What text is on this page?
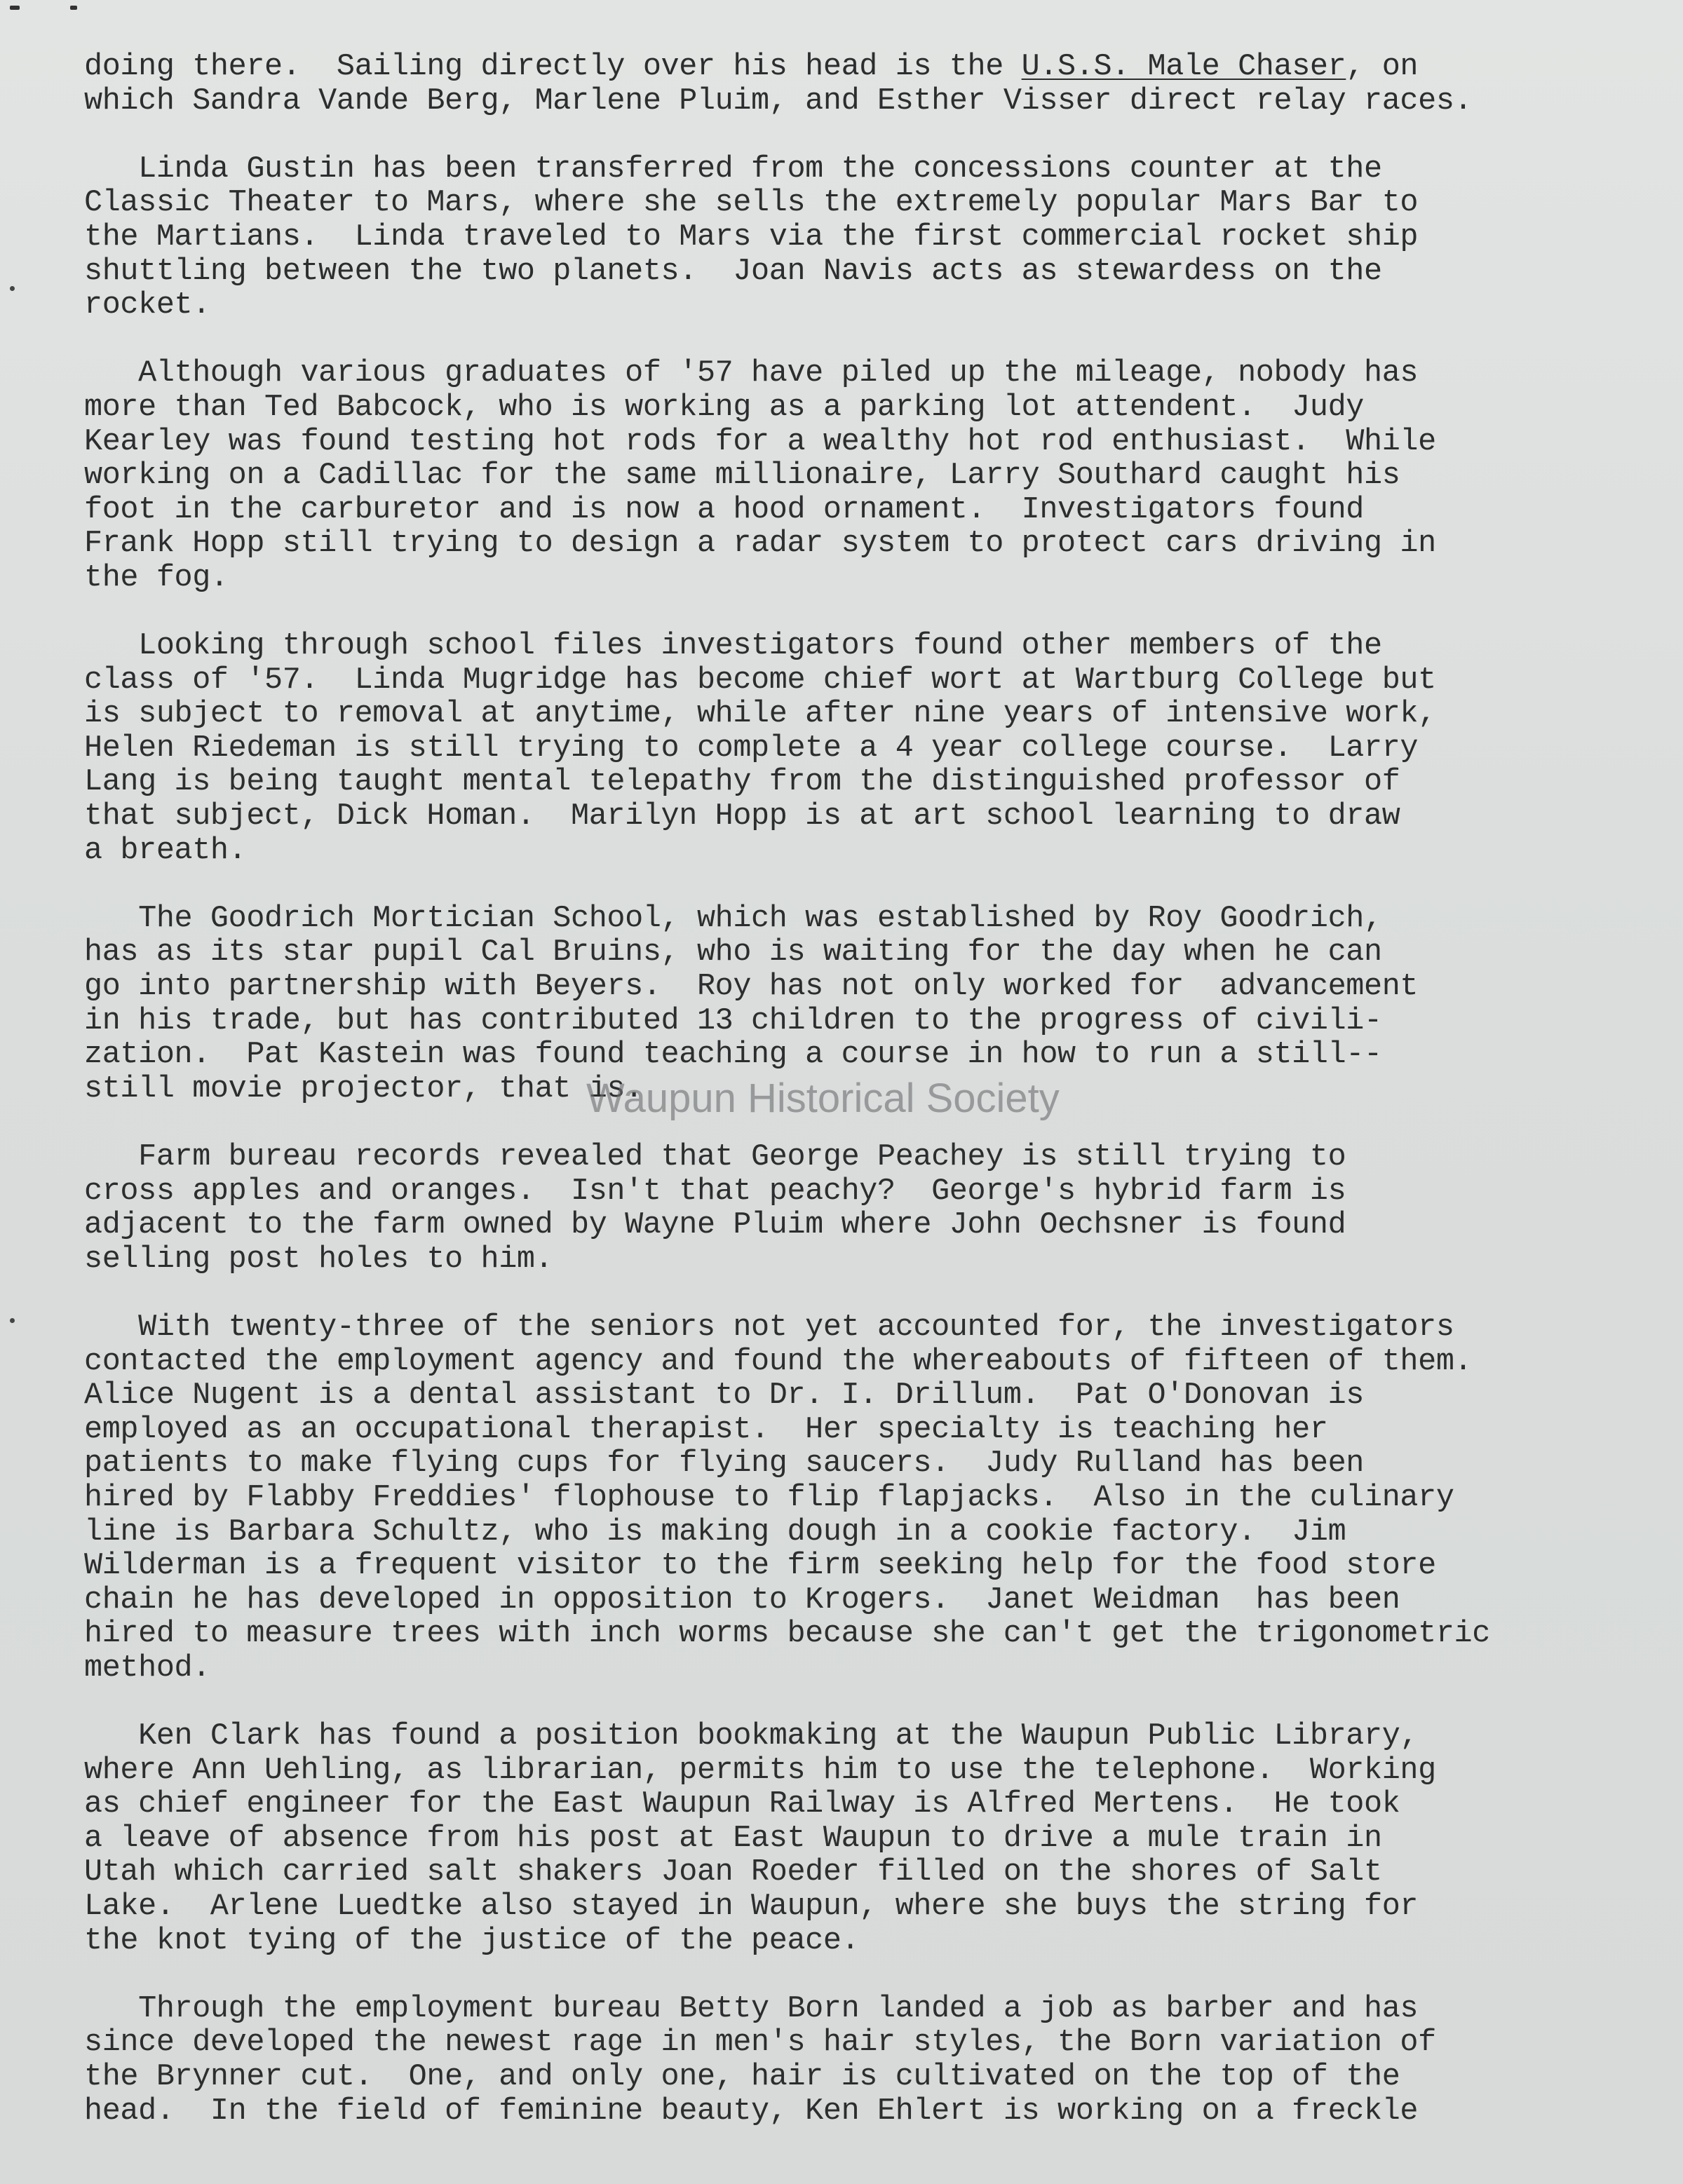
doing there.  Sailing directly over his head is the U.S.S. Male Chaser, on
which Sandra Vande Berg, Marlene Pluim, and Esther Visser direct relay races.
Linda Gustin has been transferred from the concessions counter at the
Classic Theater to Mars, where she sells the extremely popular Mars Bar to
the Martians.  Linda traveled to Mars via the first commercial rocket ship
shuttling between the two planets.  Joan Navis acts as stewardess on the
rocket.
Although various graduates of '57 have piled up the mileage, nobody has
more than Ted Babcock, who is working as a parking lot attendent.  Judy
Kearley was found testing hot rods for a wealthy hot rod enthusiast.  While
working on a Cadillac for the same millionaire, Larry Southard caught his
foot in the carburetor and is now a hood ornament.  Investigators found
Frank Hopp still trying to design a radar system to protect cars driving in
the fog.
Looking through school files investigators found other members of the
class of '57.  Linda Mugridge has become chief wort at Wartburg College but
is subject to removal at anytime, while after nine years of intensive work,
Helen Riedeman is still trying to complete a 4 year college course.  Larry
Lang is being taught mental telepathy from the distinguished professor of
that subject, Dick Homan.  Marilyn Hopp is at art school learning to draw
a breath.
The Goodrich Mortician School, which was established by Roy Goodrich,
has as its star pupil Cal Bruins, who is waiting for the day when he can
go into partnership with Beyers.  Roy has not only worked for  advancement
in his trade, but has contributed 13 children to the progress of civili-
zation.  Pat Kastein was found teaching a course in how to run a still--
still movie projector, that is.
Farm bureau records revealed that George Peachey is still trying to
cross apples and oranges.  Isn't that peachy?  George's hybrid farm is
adjacent to the farm owned by Wayne Pluim where John Oechsner is found
selling post holes to him.
With twenty-three of the seniors not yet accounted for, the investigators
contacted the employment agency and found the whereabouts of fifteen of them.
Alice Nugent is a dental assistant to Dr. I. Drillum.  Pat O'Donovan is
employed as an occupational therapist.  Her specialty is teaching her
patients to make flying cups for flying saucers.  Judy Rulland has been
hired by Flabby Freddies' flophouse to flip flapjacks.  Also in the culinary
line is Barbara Schultz, who is making dough in a cookie factory.  Jim
Wilderman is a frequent visitor to the firm seeking help for the food store
chain he has developed in opposition to Krogers.  Janet Weidman  has been
hired to measure trees with inch worms because she can't get the trigonometric
method.
Ken Clark has found a position bookmaking at the Waupun Public Library,
where Ann Uehling, as librarian, permits him to use the telephone.  Working
as chief engineer for the East Waupun Railway is Alfred Mertens.  He took
a leave of absence from his post at East Waupun to drive a mule train in
Utah which carried salt shakers Joan Roeder filled on the shores of Salt
Lake.  Arlene Luedtke also stayed in Waupun, where she buys the string for
the knot tying of the justice of the peace.
Through the employment bureau Betty Born landed a job as barber and has
since developed the newest rage in men's hair styles, the Born variation of
the Brynner cut.  One, and only one, hair is cultivated on the top of the
head.  In the field of feminine beauty, Ken Ehlert is working on a freckle
Waupun Historical Society
